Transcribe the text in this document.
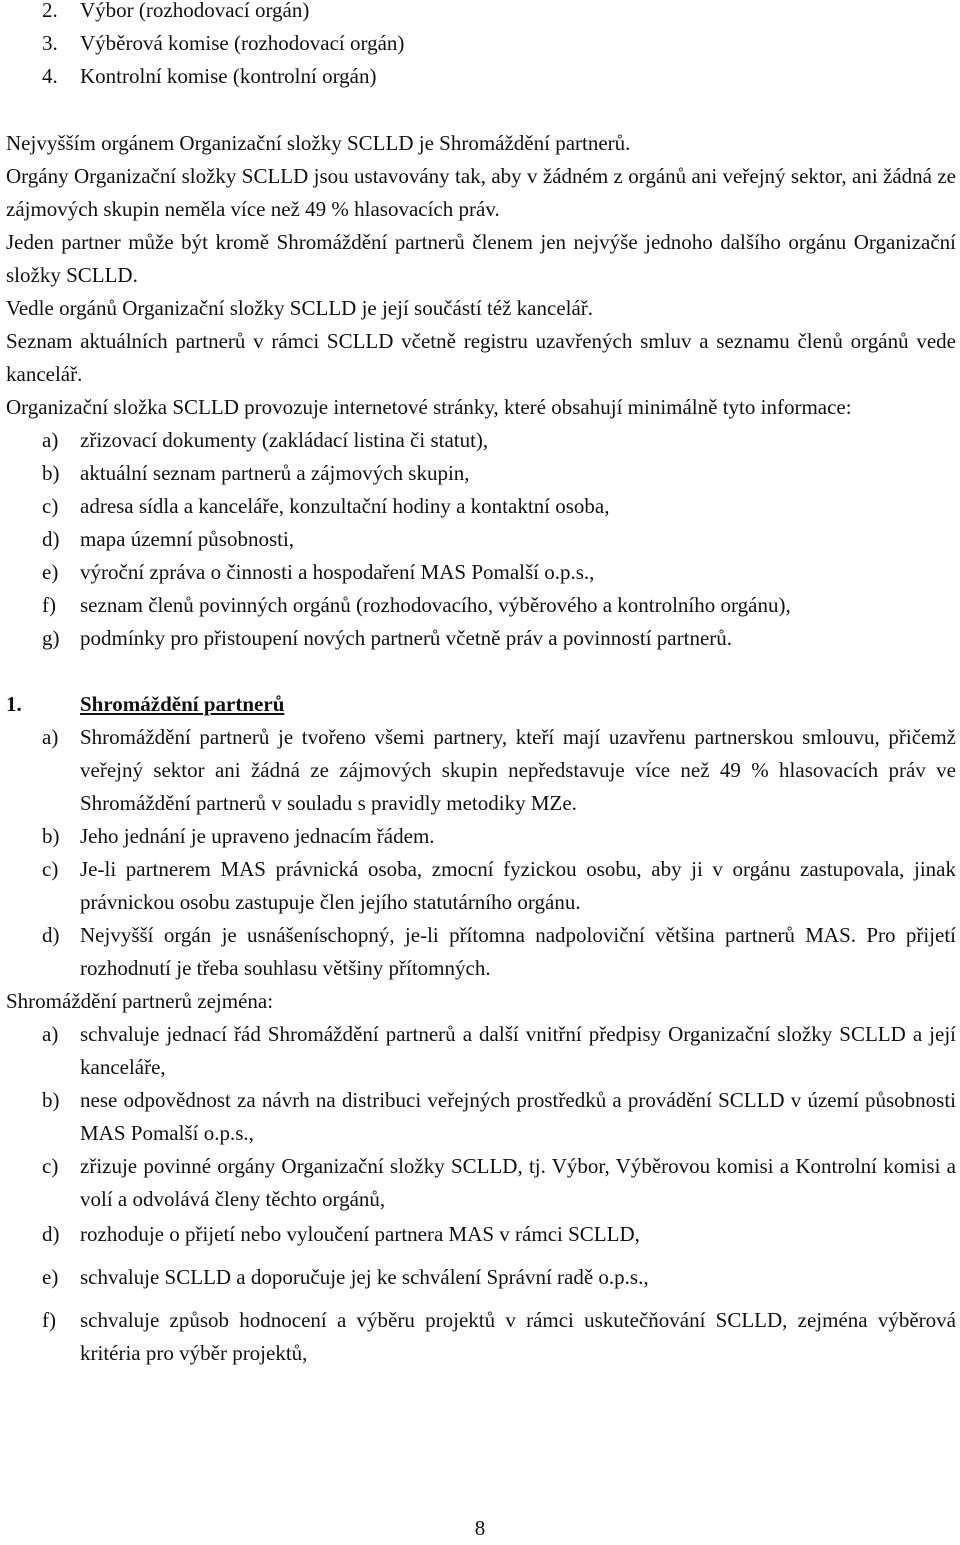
2. Výbor (rozhodovací orgán)
3. Výběrová komise (rozhodovací orgán)
4. Kontrolní komise (kontrolní orgán)

Nejvyšším orgánem Organizační složky SCLLD je Shromáždění partnerů.

Orgány Organizační složky SCLLD jsou ustavovány tak, aby v žádném z orgánů ani veřejný sektor, ani žádná ze zájmových skupin neměla více než 49 % hlasovacích práv.

Jeden partner může být kromě Shromáždění partnerů členem jen nejvýše jednoho dalšího orgánu Organizační složky SCLLD.

Vedle orgánů Organizační složky SCLLD je její součástí též kancelář.

Seznam aktuálních partnerů v rámci SCLLD včetně registru uzavřených smluv a seznamu členů orgánů vede kancelář.

Organizační složka SCLLD provozuje internetové stránky, které obsahují minimálně tyto informace:

a) zřizovací dokumenty (zakládací listina či statut),
b) aktuální seznam partnerů a zájmových skupin,
c) adresa sídla a kanceláře, konzultační hodiny a kontaktní osoba,
d) mapa územní působnosti,
e) výroční zpráva o činnosti a hospodaření MAS Pomalší o.p.s.,
f) seznam členů povinných orgánů (rozhodovacího, výběrového a kontrolního orgánu),
g) podmínky pro přistoupení nových partnerů včetně práv a povinností partnerů.
1.	Shromáždění partnerů
a) Shromáždění partnerů je tvořeno všemi partnery, kteří mají uzavřenu partnerskou smlouvu, přičemž veřejný sektor ani žádná ze zájmových skupin nepředstavuje více než 49 % hlasovacích práv ve Shromáždění partnerů v souladu s pravidly metodiky MZe.
b) Jeho jednání je upraveno jednacím řádem.
c) Je-li partnerem MAS právnická osoba, zmocní fyzickou osobu, aby ji v orgánu zastupovala, jinak právnickou osobu zastupuje člen jejího statutárního orgánu.
d) Nejvyšší orgán je usnášeníschopný, je-li přítomna nadpoloviční většina partnerů MAS. Pro přijetí rozhodnutí je třeba souhlasu většiny přítomných.

Shromáždění partnerů zejména:

a) schvaluje jednací řád Shromáždění partnerů a další vnitřní předpisy Organizační složky SCLLD a její kanceláře,
b) nese odpovědnost za návrh na distribuci veřejných prostředků a provádění SCLLD v území působnosti MAS Pomalší o.p.s.,
c) zřizuje povinné orgány Organizační složky SCLLD, tj. Výbor, Výběrovou komisi a Kontrolní komisi a volí a odvolává členy těchto orgánů,
d) rozhoduje o přijetí nebo vyloučení partnera MAS v rámci SCLLD,
e) schvaluje SCLLD a doporučuje jej ke schválení Správní radě o.p.s.,
f) schvaluje způsob hodnocení a výběru projektů v rámci uskutečňování SCLLD, zejména výběrová kritéria pro výběr projektů,
8
